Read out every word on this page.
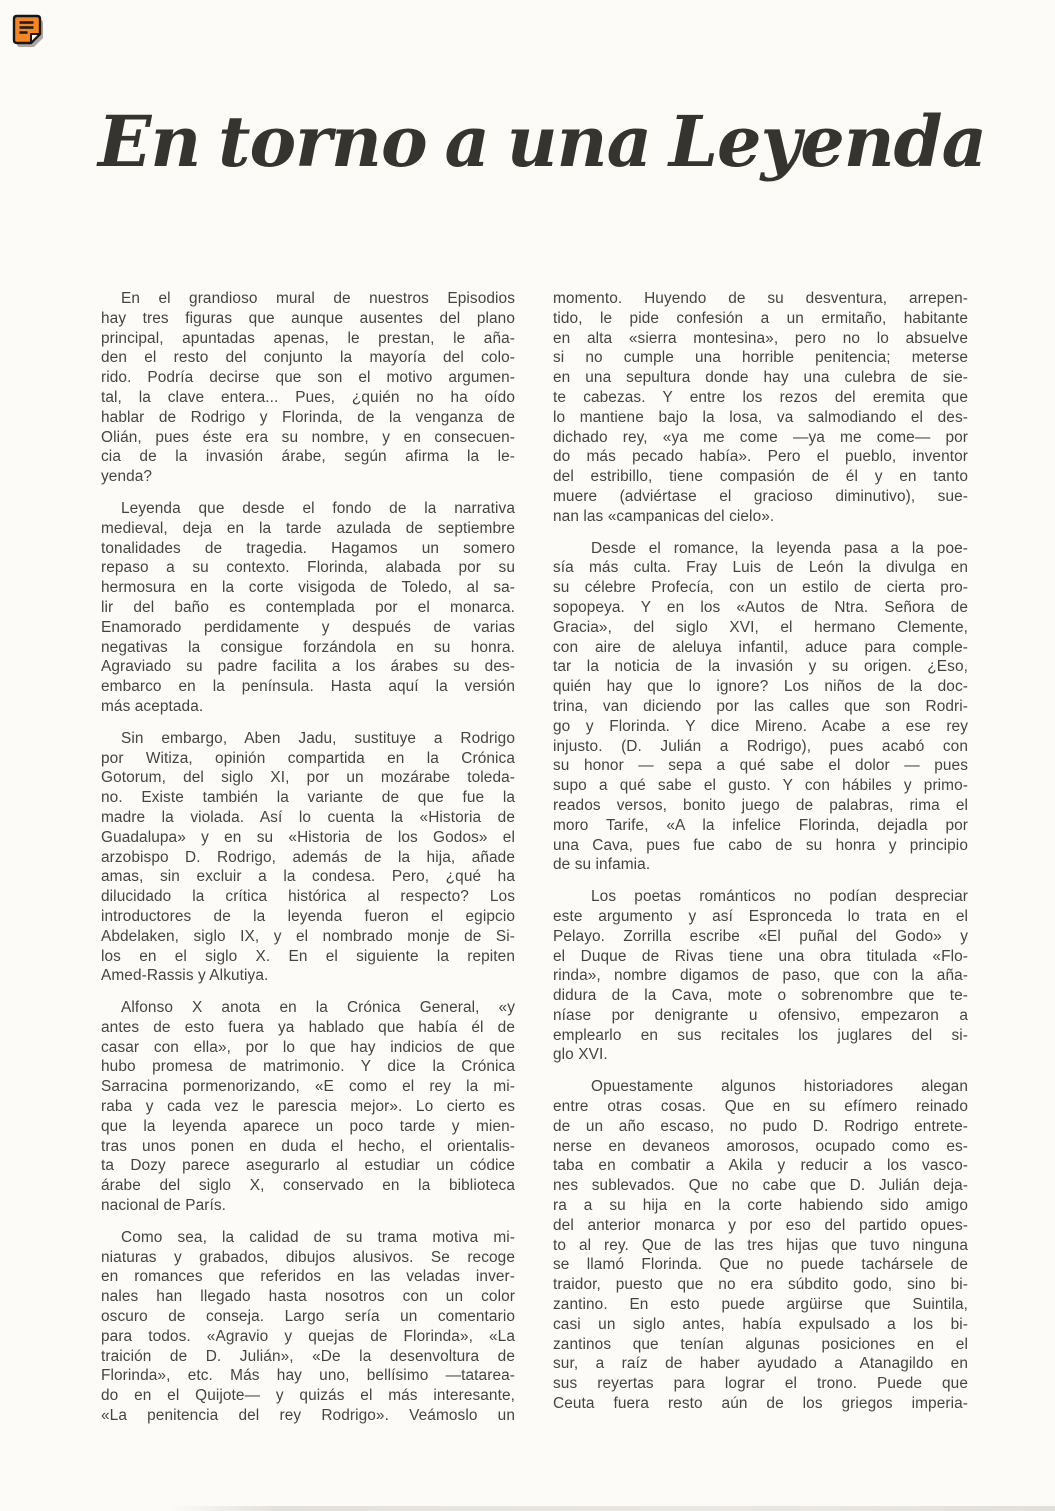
En torno a una Leyenda
En el grandioso mural de nuestros Episodios
hay tres figuras que aunque ausentes del plano
principal, apuntadas apenas, le prestan, le aña-
den el resto del conjunto la mayoría del colo-
rido. Podría decirse que son el motivo argumen-
tal, la clave entera... Pues, ¿quién no ha oído
hablar de Rodrigo y Florinda, de la venganza de
Olián, pues éste era su nombre, y en consecuen-
cia de la invasión árabe, según afirma la le-
yenda?
Leyenda que desde el fondo de la narrativa
medieval, deja en la tarde azulada de septiembre
tonalidades de tragedia. Hagamos un somero
repaso a su contexto. Florinda, alabada por su
hermosura en la corte visigoda de Toledo, al sa-
lir del baño es contemplada por el monarca.
Enamorado perdidamente y después de varias
negativas la consigue forzándola en su honra.
Agraviado su padre facilita a los árabes su des-
embarco en la península. Hasta aquí la versión
más aceptada.
Sin embargo, Aben Jadu, sustituye a Rodrigo
por Witiza, opinión compartida en la Crónica
Gotorum, del siglo XI, por un mozárabe toleda-
no. Existe también la variante de que fue la
madre la violada. Así lo cuenta la «Historia de
Guadalupa» y en su «Historia de los Godos» el
arzobispo D. Rodrigo, además de la hija, añade
amas, sin excluir a la condesa. Pero, ¿qué ha
dilucidado la crítica histórica al respecto? Los
introductores de la leyenda fueron el egipcio
Abdelaken, siglo IX, y el nombrado monje de Si-
los en el siglo X. En el siguiente la repiten
Amed-Rassis y Alkutiya.
Alfonso X anota en la Crónica General, «y
antes de esto fuera ya hablado que había él de
casar con ella», por lo que hay indicios de que
hubo promesa de matrimonio. Y dice la Crónica
Sarracina pormenorizando, «E como el rey la mi-
raba y cada vez le parescia mejor». Lo cierto es
que la leyenda aparece un poco tarde y mien-
tras unos ponen en duda el hecho, el orientalis-
ta Dozy parece asegurarlo al estudiar un códice
árabe del siglo X, conservado en la biblioteca
nacional de París.
Como sea, la calidad de su trama motiva mi-
niaturas y grabados, dibujos alusivos. Se recoge
en romances que referidos en las veladas inver-
nales han llegado hasta nosotros con un color
oscuro de conseja. Largo sería un comentario
para todos. «Agravio y quejas de Florinda», «La
traición de D. Julián», «De la desenvoltura de
Florinda», etc. Más hay uno, bellísimo —tatarea-
do en el Quijote— y quizás el más interesante,
«La penitencia del rey Rodrigo». Veámoslo un
momento. Huyendo de su desventura, arrepen-
tido, le pide confesión a un ermitaño, habitante
en alta «sierra montesina», pero no lo absuelve
si no cumple una horrible penitencia; meterse
en una sepultura donde hay una culebra de sie-
te cabezas. Y entre los rezos del eremita que
lo mantiene bajo la losa, va salmodiando el des-
dichado rey, «ya me come —ya me come— por
do más pecado había». Pero el pueblo, inventor
del estribillo, tiene compasión de él y en tanto
muere (adviértase el gracioso diminutivo), sue-
nan las «campanicas del cielo».
Desde el romance, la leyenda pasa a la poe-
sía más culta. Fray Luis de León la divulga en
su célebre Profecía, con un estilo de cierta pro-
sopopeya. Y en los «Autos de Ntra. Señora de
Gracia», del siglo XVI, el hermano Clemente,
con aire de aleluya infantil, aduce para comple-
tar la noticia de la invasión y su origen. ¿Eso,
quién hay que lo ignore? Los niños de la doc-
trina, van diciendo por las calles que son Rodri-
go y Florinda. Y dice Mireno. Acabe a ese rey
injusto. (D. Julián a Rodrigo), pues acabó con
su honor — sepa a qué sabe el dolor — pues
supo a qué sabe el gusto. Y con hábiles y primo-
reados versos, bonito juego de palabras, rima el
moro Tarife, «A la infelice Florinda, dejadla por
una Cava, pues fue cabo de su honra y principio
de su infamia.
Los poetas románticos no podían despreciar
este argumento y así Espronceda lo trata en el
Pelayo. Zorrilla escribe «El puñal del Godo» y
el Duque de Rivas tiene una obra titulada «Flo-
rinda», nombre digamos de paso, que con la aña-
didura de la Cava, mote o sobrenombre que te-
níase por denigrante u ofensivo, empezaron a
emplearlo en sus recitales los juglares del si-
glo XVI.
Opuestamente algunos historiadores alegan
entre otras cosas. Que en su efímero reinado
de un año escaso, no pudo D. Rodrigo entrete-
nerse en devaneos amorosos, ocupado como es-
taba en combatir a Akila y reducir a los vasco-
nes sublevados. Que no cabe que D. Julián deja-
ra a su hija en la corte habiendo sido amigo
del anterior monarca y por eso del partido opues-
to al rey. Que de las tres hijas que tuvo ninguna
se llamó Florinda. Que no puede tachársele de
traidor, puesto que no era súbdito godo, sino bi-
zantino. En esto puede argüirse que Suintila,
casi un siglo antes, había expulsado a los bi-
zantinos que tenían algunas posiciones en el
sur, a raíz de haber ayudado a Atanagildo en
sus reyertas para lograr el trono. Puede que
Ceuta fuera resto aún de los griegos imperia-
